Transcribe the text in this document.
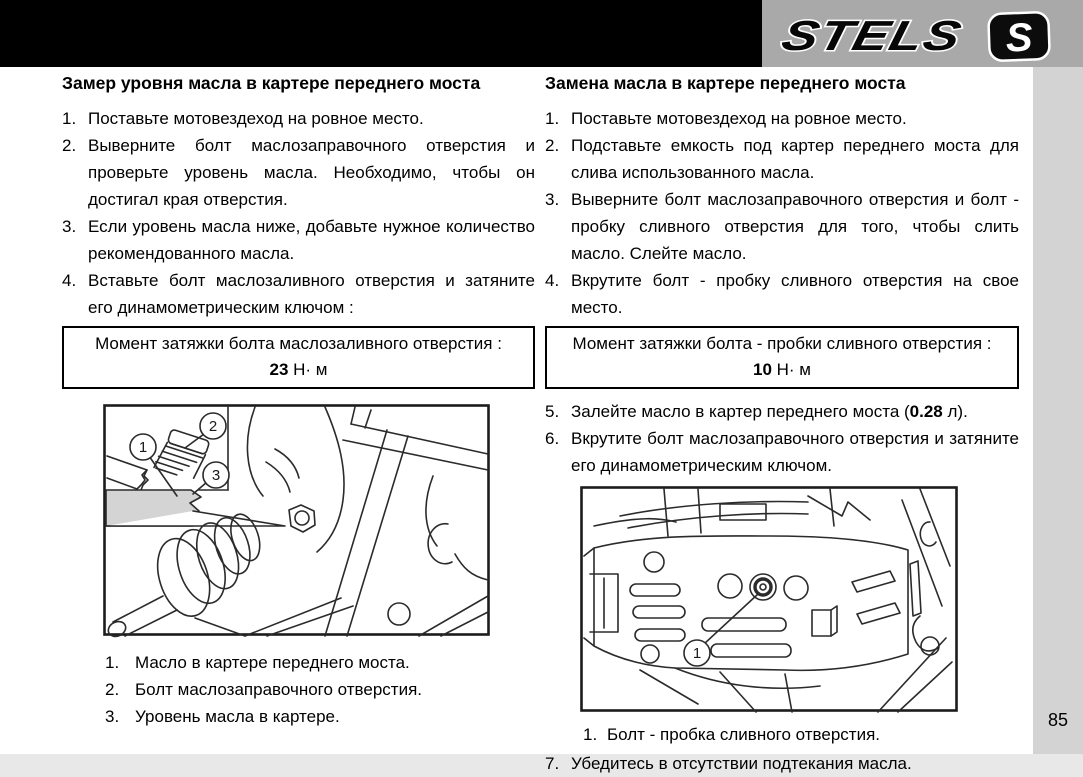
STELS	S
85
Замер уровня масла в картере переднего моста
1. Поставьте мотовездеход на ровное место.
2. Выверните болт маслозаправочного отверстия и проверьте уровень масла. Необходимо, чтобы он достигал края отверстия.
3. Если уровень масла ниже, добавьте нужное количество рекомендованного масла.
4. Вставьте болт маслозаливного отверстия и затяните его динамометрическим ключом :
Момент затяжки болта маслозаливного отверстия :
23 Н· м
1
2
3
1. Масло в картере переднего моста.
2. Болт маслозаправочного отверстия.
3. Уровень масла в картере.
Замена масла в картере переднего моста
1. Поставьте мотовездеход на ровное место.
2. Подставьте емкость под картер переднего моста для слива использованного масла.
3. Выверните болт маслозаправочного отверстия и болт - пробку сливного отверстия для того, чтобы слить масло. Слейте масло.
4. Вкрутите болт - пробку сливного отверстия на свое место.
Момент затяжки болта - пробки сливного отверстия :
10 Н· м
5. Залейте масло в картер переднего моста (0.28 л).
6. Вкрутите болт маслозаправочного отверстия и затяните его динамометрическим ключом.
1
1. Болт - пробка сливного отверстия.
7. Убедитесь в отсутствии подтекания масла.
